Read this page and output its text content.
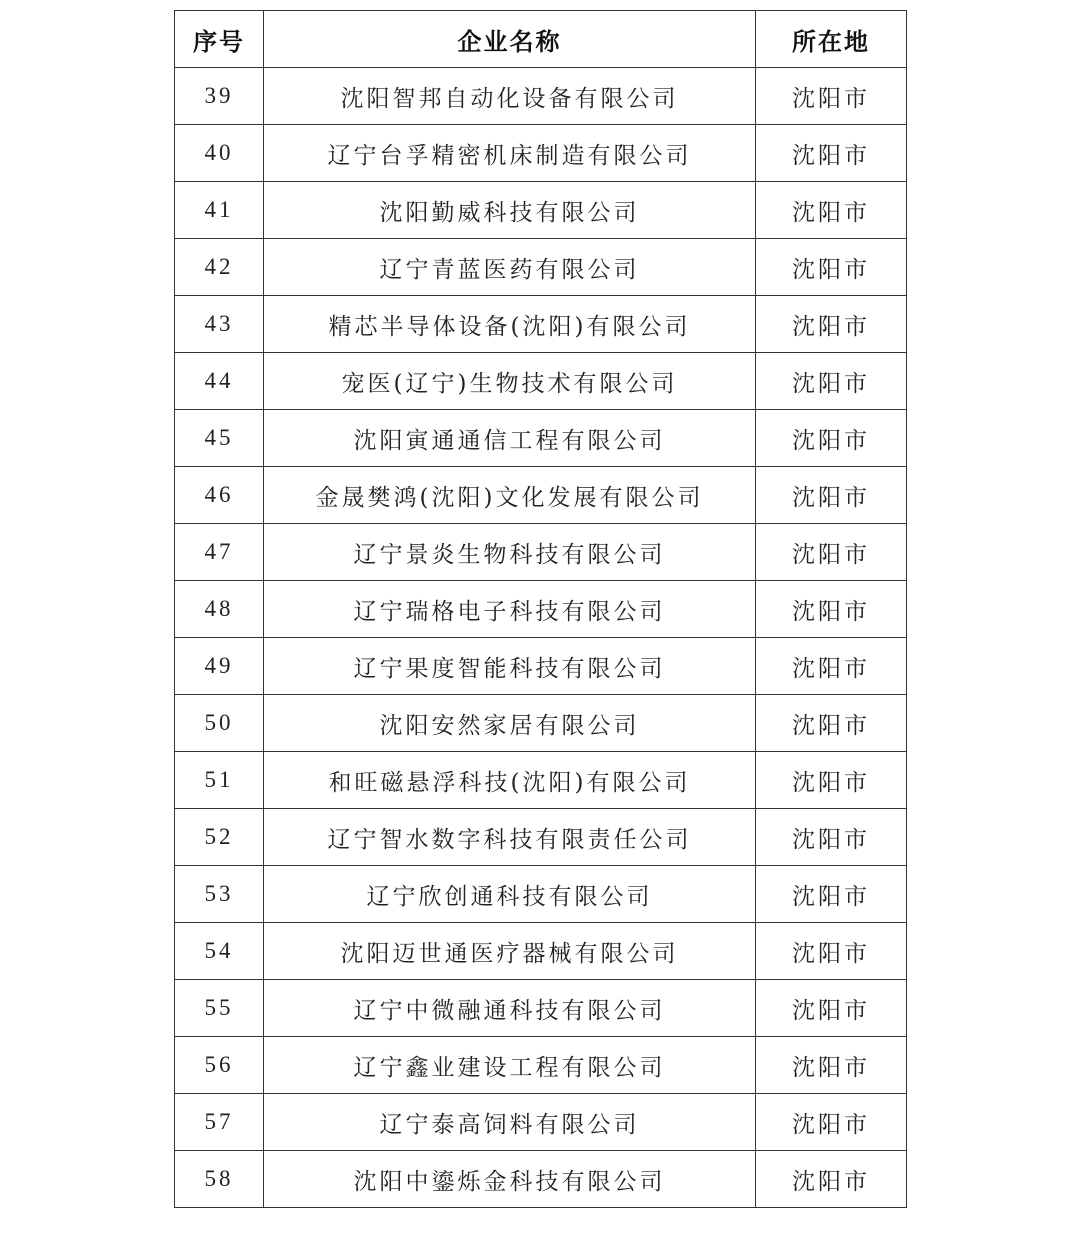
序号	企业名称	所在地
39	沈阳智邦自动化设备有限公司	沈阳市
40	辽宁台孚精密机床制造有限公司	沈阳市
41	沈阳勤威科技有限公司	沈阳市
42	辽宁青蓝医药有限公司	沈阳市
43	精芯半导体设备(沈阳)有限公司	沈阳市
44	宠医(辽宁)生物技术有限公司	沈阳市
45	沈阳寅通通信工程有限公司	沈阳市
46	金晟樊鸿(沈阳)文化发展有限公司	沈阳市
47	辽宁景炎生物科技有限公司	沈阳市
48	辽宁瑞格电子科技有限公司	沈阳市
49	辽宁果度智能科技有限公司	沈阳市
50	沈阳安然家居有限公司	沈阳市
51	和旺磁悬浮科技(沈阳)有限公司	沈阳市
52	辽宁智水数字科技有限责任公司	沈阳市
53	辽宁欣创通科技有限公司	沈阳市
54	沈阳迈世通医疗器械有限公司	沈阳市
55	辽宁中微融通科技有限公司	沈阳市
56	辽宁鑫业建设工程有限公司	沈阳市
57	辽宁泰高饲料有限公司	沈阳市
58	沈阳中鎏烁金科技有限公司	沈阳市
